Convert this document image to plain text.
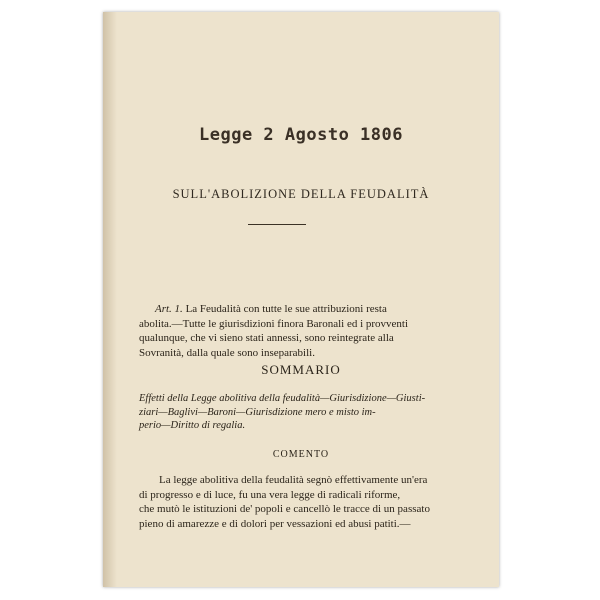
Legge 2 Agosto 1806
SULL'ABOLIZIONE DELLA FEUDALITÀ
Art. 1. La Feudalità con tutte le sue attribuzioni resta
abolita.—Tutte le giurisdizioni finora Baronali ed i provventi
qualunque, che vi sieno stati annessi, sono reintegrate alla
Sovranità, dalla quale sono inseparabili.
SOMMARIO
Effetti della Legge abolitiva della feudalità—Giurisdizione—Giusti-
ziari—Baglivi—Baroni—Giurisdizione mero e misto im-
perio—Diritto di regalia.
COMENTO
La legge abolitiva della feudalità segnò effettivamente un'era
di progresso e di luce, fu una vera legge di radicali riforme,
che mutò le istituzioni de' popoli e cancellò le tracce di un passato
pieno di amarezze e di dolori per vessazioni ed abusi patiti.—
